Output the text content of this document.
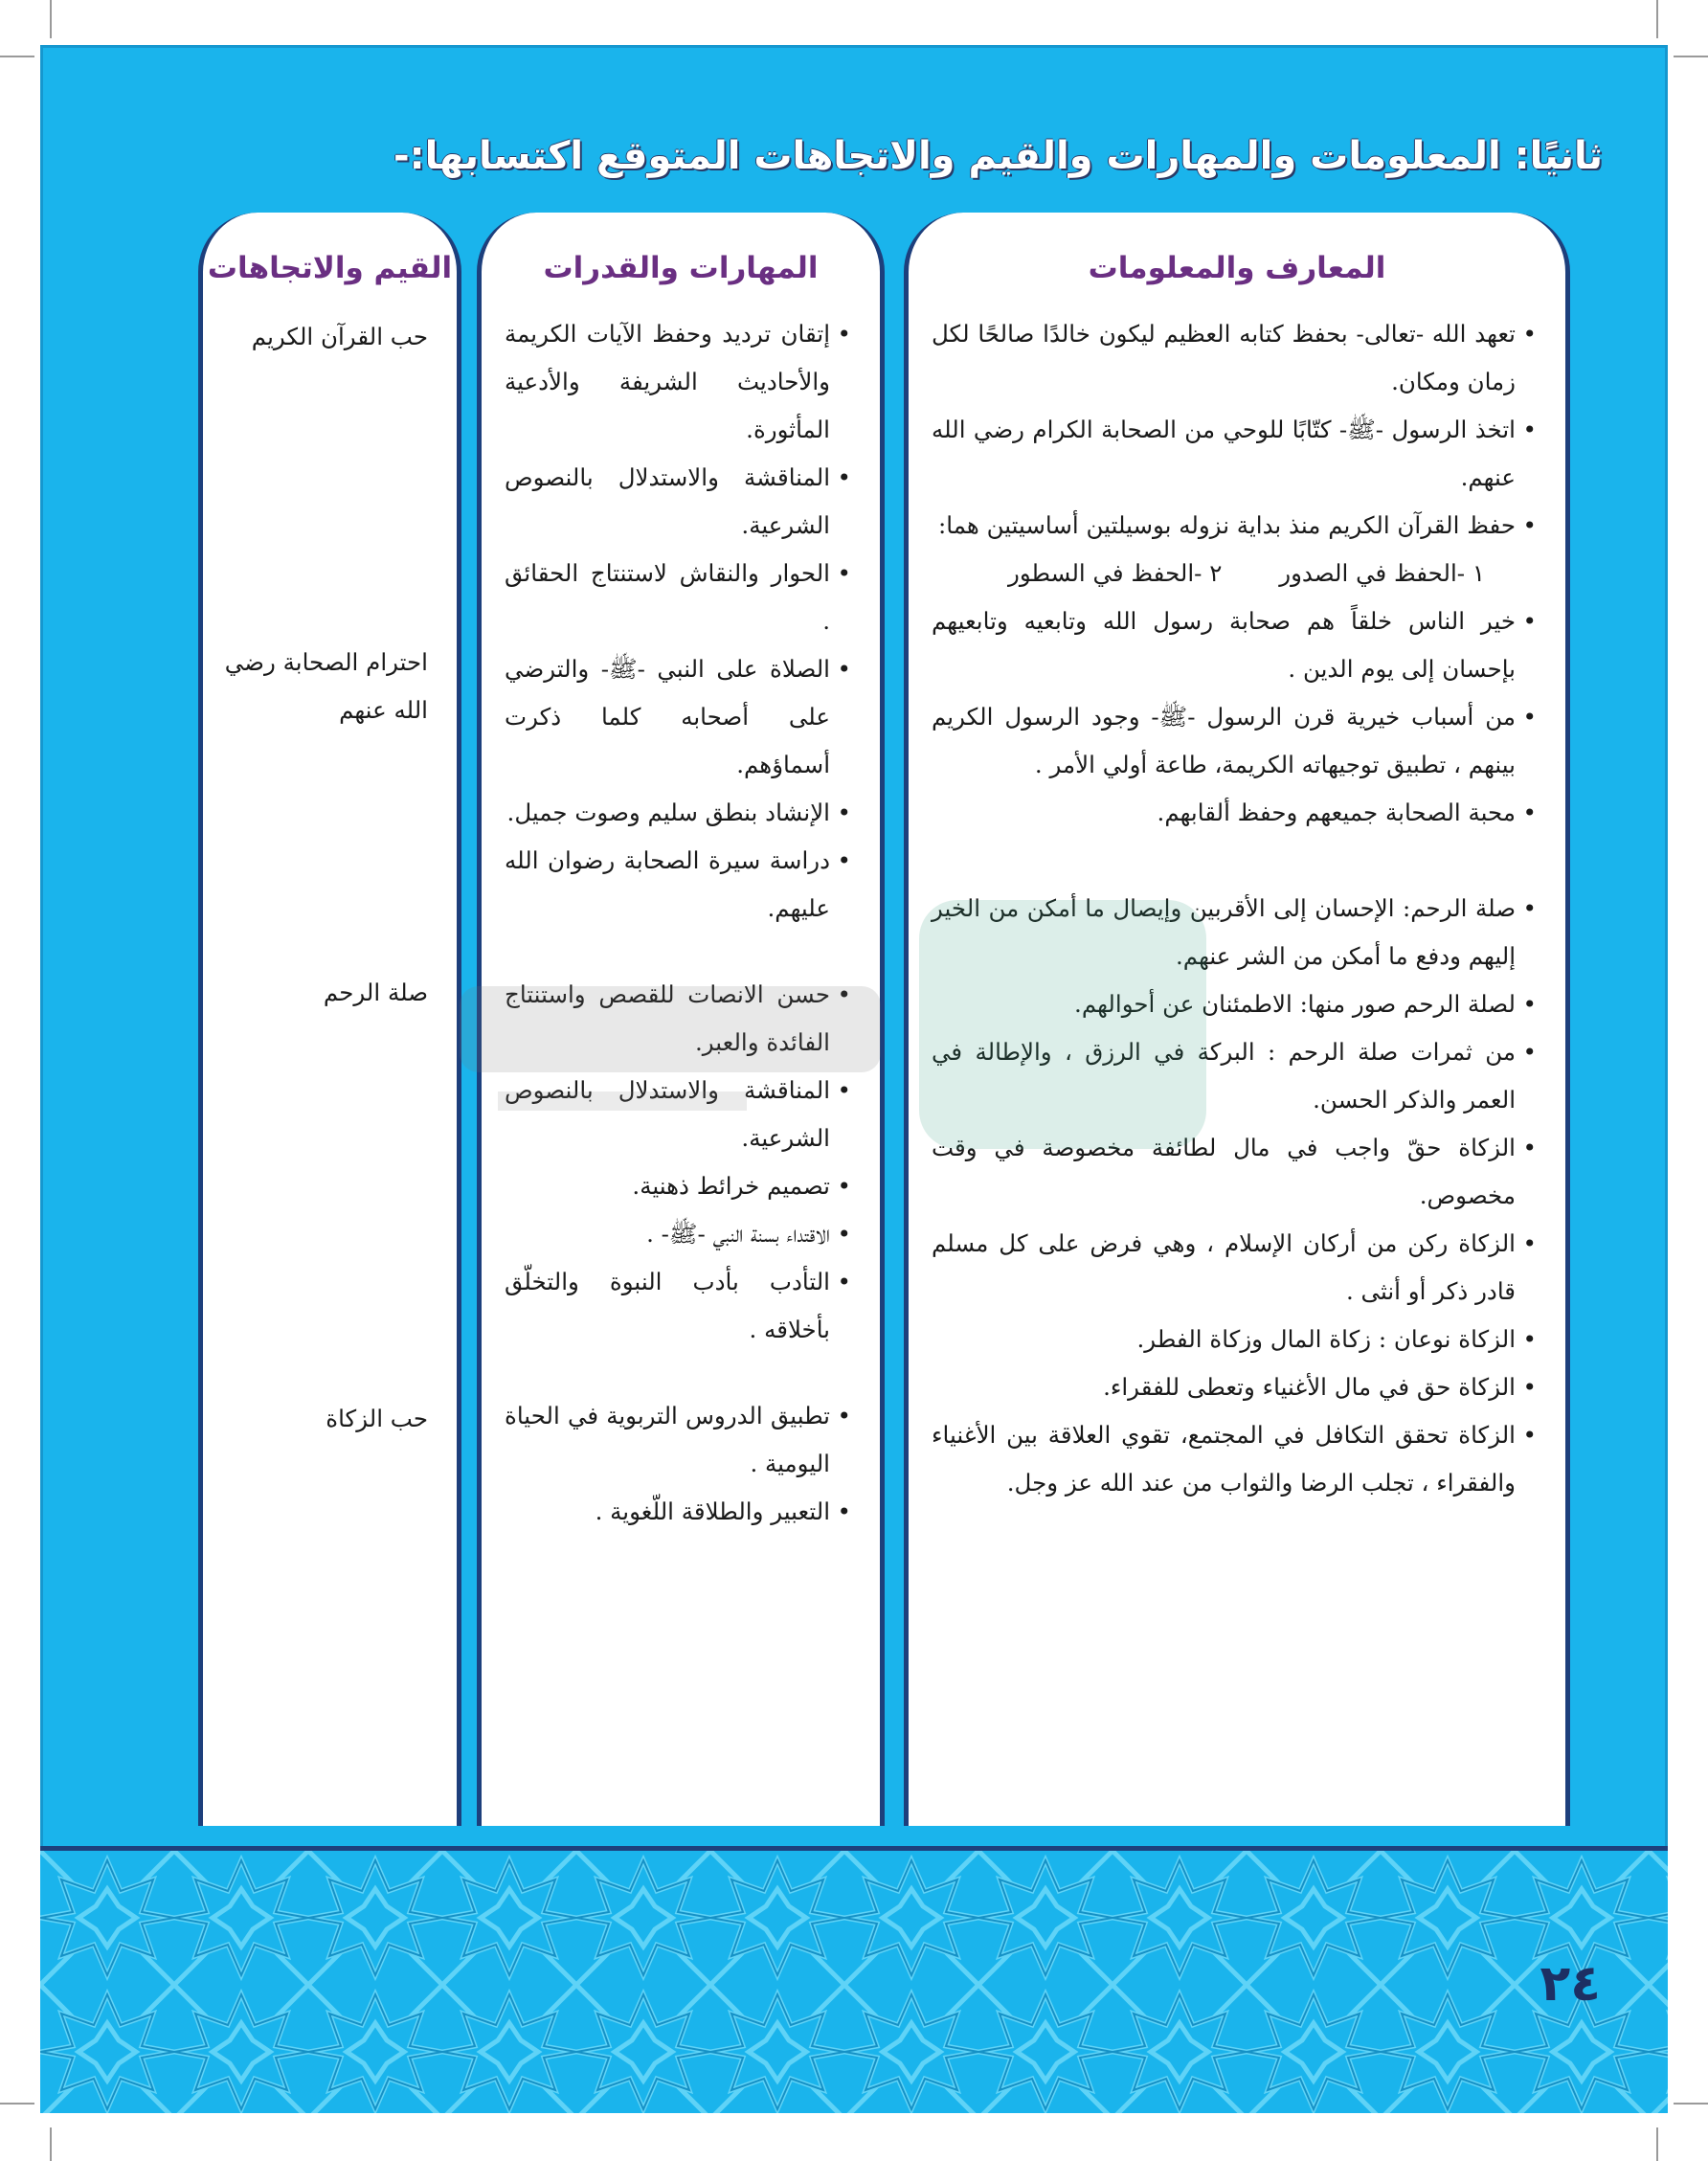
ثانيًا: المعلومات والمهارات والقيم والاتجاهات المتوقع اكتسابها:-
المعارف والمعلومات
• تعهد الله -تعالى- بحفظ كتابه العظيم ليكون خالدًا صالحًا لكل زمان ومكان.
• اتخذ الرسول -ﷺ- كتّابًا للوحي من الصحابة الكرام رضي الله عنهم.
• حفظ القرآن الكريم منذ بداية نزوله بوسيلتين أساسيتين هما:
١ -الحفظ في الصدور
٢ -الحفظ في السطور
• خير الناس خلقاً هم صحابة رسول الله وتابعيه وتابعيهم بإحسان إلى يوم الدين .
• من أسباب خيرية قرن الرسول -ﷺ- وجود الرسول الكريم بينهم ، تطبيق توجيهاته الكريمة، طاعة أولي الأمر .
• محبة الصحابة جميعهم وحفظ ألقابهم.
• صلة الرحم: الإحسان إلى الأقربين وإيصال ما أمكن من الخير إليهم ودفع ما أمكن من الشر عنهم.
• لصلة الرحم صور منها: الاطمئنان عن أحوالهم.
• من ثمرات صلة الرحم : البركة في الرزق ، والإطالة في العمر والذكر الحسن.
• الزكاة حقّ واجب في مال لطائفة مخصوصة في وقت مخصوص.
• الزكاة ركن من أركان الإسلام ، وهي فرض على كل مسلم قادر ذكر أو أنثى .
• الزكاة نوعان : زكاة المال وزكاة الفطر.
• الزكاة حق في مال الأغنياء وتعطى للفقراء.
• الزكاة تحقق التكافل في المجتمع، تقوي العلاقة بين الأغنياء والفقراء ، تجلب الرضا والثواب من عند الله عز وجل.
المهارات والقدرات
• إتقان ترديد وحفظ الآيات الكريمة والأحاديث الشريفة والأدعية المأثورة.
• المناقشة والاستدلال بالنصوص الشرعية.
• الحوار والنقاش لاستنتاج الحقائق .
• الصلاة على النبي -ﷺ- والترضي على أصحابه كلما ذكرت أسماؤهم.
• الإنشاد بنطق سليم وصوت جميل.
• دراسة سيرة الصحابة رضوان الله عليهم.
• حسن الانصات للقصص واستنتاج الفائدة والعبر.
• المناقشة والاستدلال بالنصوص الشرعية.
• تصميم خرائط ذهنية.
• الاقتداء بسنة النبي -ﷺ- .
• التأدب بأدب النبوة والتخلّق بأخلاقه .
• تطبيق الدروس التربوية في الحياة اليومية .
• التعبير والطلاقة اللّغوية .
القيم والاتجاهات
حب القرآن الكريم
احترام الصحابة رضي الله عنهم
صلة الرحم
حب الزكاة
٢٤
